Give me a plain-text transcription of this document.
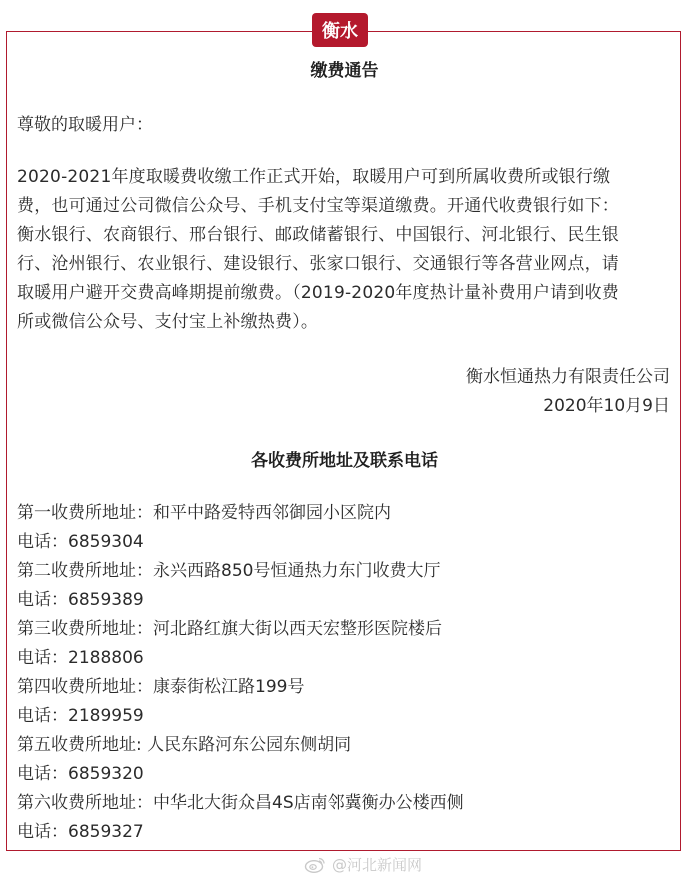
衡水
缴费通告
尊敬的取暖用户：
2020-2021年度取暖费收缴工作正式开始，取暖用户可到所属收费所或银行缴
费，也可通过公司微信公众号、手机支付宝等渠道缴费。开通代收费银行如下：
衡水银行、农商银行、邢台银行、邮政储蓄银行、中国银行、河北银行、民生银
行、沧州银行、农业银行、建设银行、张家口银行、交通银行等各营业网点，请
取暖用户避开交费高峰期提前缴费。（2019-2020年度热计量补费用户请到收费
所或微信公众号、支付宝上补缴热费）。
衡水恒通热力有限责任公司
2020年10月9日
各收费所地址及联系电话
第一收费所地址：和平中路爱特西邻御园小区院内
电话：6859304
第二收费所地址：永兴西路850号恒通热力东门收费大厅
电话：6859389
第三收费所地址：河北路红旗大街以西天宏整形医院楼后
电话：2188806
第四收费所地址：康泰街松江路199号
电话：2189959
第五收费所地址: 人民东路河东公园东侧胡同
电话：6859320
第六收费所地址：中华北大街众昌4S店南邻冀衡办公楼西侧
电话：6859327
@河北新闻网
